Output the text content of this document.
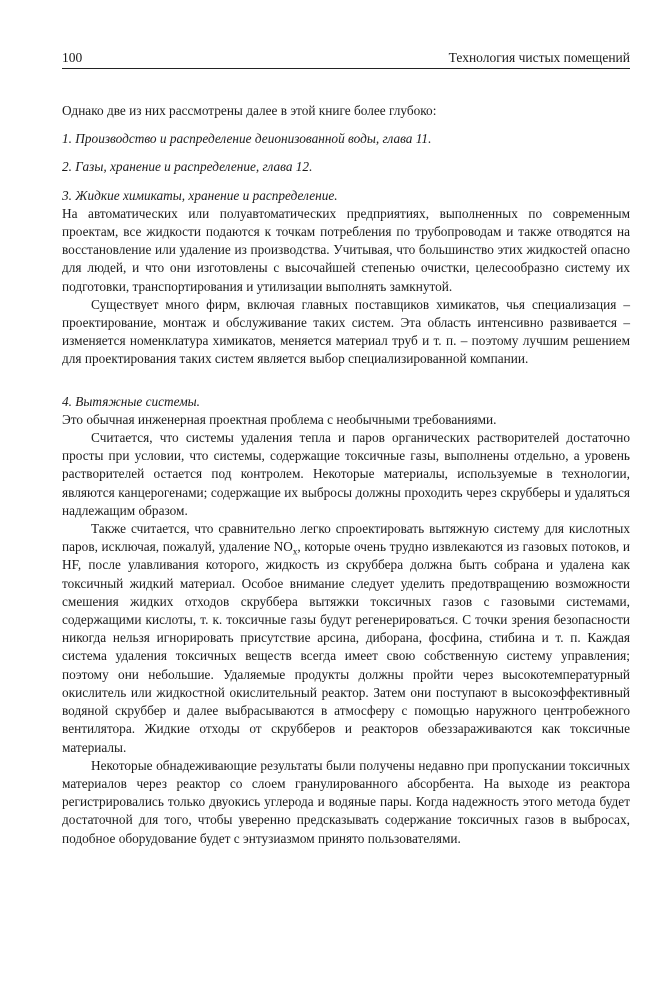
100	Технология чистых помещений

Однако две из них рассмотрены далее в этой книге более глубоко:

1. Производство и распределение деионизованной воды, глава 11.

2. Газы, хранение и распределение, глава 12.

3. Жидкие химикаты, хранение и распределение.

На автоматических или полуавтоматических предприятиях, выполненных по современным проектам, все жидкости подаются к точкам потребления по трубопроводам и также отводятся на восстановление или удаление из производства. Учитывая, что большинство этих жидкостей опасно для людей, и что они изготовлены с высочайшей степенью очистки, целесообразно систему их подготовки, транспортирования и утилизации выполнять замкнутой.

Существует много фирм, включая главных поставщиков химикатов, чья специализация – проектирование, монтаж и обслуживание таких систем. Эта область интенсивно развивается – изменяется номенклатура химикатов, меняется материал труб и т. п. – поэтому лучшим решением для проектирования таких систем является выбор специализированной компании.

4. Вытяжные системы.

Это обычная инженерная проектная проблема с необычными требованиями.

Считается, что системы удаления тепла и паров органических растворителей достаточно просты при условии, что системы, содержащие токсичные газы, выполнены отдельно, а уровень растворителей остается под контролем. Некоторые материалы, используемые в технологии, являются канцерогенами; содержащие их выбросы должны проходить через скрубберы и удаляться надлежащим образом.

Также считается, что сравнительно легко спроектировать вытяжную систему для кислотных паров, исключая, пожалуй, удаление $NO_x$, которые очень трудно извлекаются из газовых потоков, и HF, после улавливания которого, жидкость из скруббера должна быть собрана и удалена как токсичный жидкий материал. Особое внимание следует уделить предотвращению возможности смешения жидких отходов скруббера вытяжки токсичных газов с газовыми системами, содержащими кислоты, т. к. токсичные газы будут регенерироваться. С точки зрения безопасности никогда нельзя игнорировать присутствие арсина, диборана, фосфина, стибина и т. п. Каждая система удаления токсичных веществ всегда имеет свою собственную систему управления; поэтому они небольшие. Удаляемые продукты должны пройти через высокотемпературный окислитель или жидкостной окислительный реактор. Затем они поступают в высокоэффективный водяной скруббер и далее выбрасываются в атмосферу с помощью наружного центробежного вентилятора. Жидкие отходы от скрубберов и реакторов обеззараживаются как токсичные материалы.

Некоторые обнадеживающие результаты были получены недавно при пропускании токсичных материалов через реактор со слоем гранулированного абсорбента. На выходе из реактора регистрировались только двуокись углерода и водяные пары. Когда надежность этого метода будет достаточной для того, чтобы уверенно предсказывать содержание токсичных газов в выбросах, подобное оборудование будет с энтузиазмом принято пользователями.
